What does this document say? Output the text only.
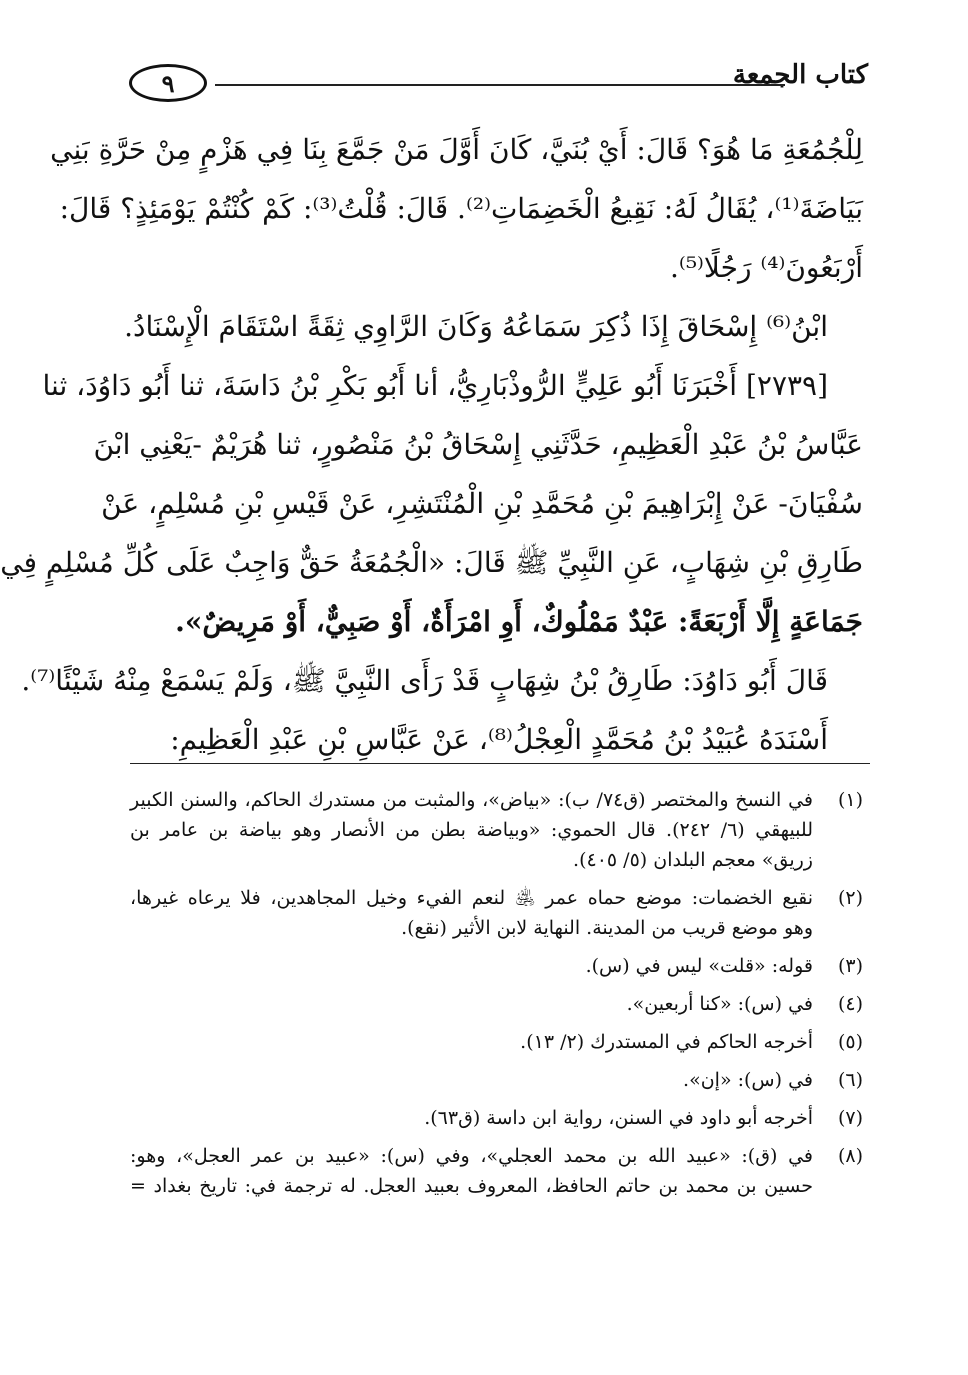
كتاب الجمعة
٩
لِلْجُمُعَةِ مَا هُوَ؟ قَالَ: أَيْ بُنَيَّ، كَانَ أَوَّلَ مَنْ جَمَّعَ بِنَا فِي هَزْمٍ مِنْ حَرَّةِ بَنِي
بَيَاضَةَ⁽¹⁾، يُقَالُ لَهُ: نَقِيعُ الْخَضِمَاتِ⁽²⁾. قَالَ: قُلْتُ⁽³⁾: كَمْ كُنْتُمْ يَوْمَئِذٍ؟ قَالَ:
أَرْبَعُونَ⁽⁴⁾ رَجُلًا⁽⁵⁾.
ابْنُ⁽⁶⁾ إِسْحَاقَ إِذَا ذُكِرَ سَمَاعُهُ وَكَانَ الرَّاوِي ثِقَةً اسْتَقَامَ الْإِسْنَادُ.
[٢٧٣٩] أَخْبَرَنَا أَبُو عَلِيٍّ الرُّوذْبَارِيُّ، أنا أَبُو بَكْرِ بْنُ دَاسَةَ، ثنا أَبُو دَاوُدَ، ثنا
عَبَّاسُ بْنُ عَبْدِ الْعَظِيمِ، حَدَّثَنِي إِسْحَاقُ بْنُ مَنْصُورٍ، ثنا هُرَيْمٌ -يَعْنِي ابْنَ
سُفْيَانَ- عَنْ إِبْرَاهِيمَ بْنِ مُحَمَّدِ بْنِ الْمُنْتَشِرِ، عَنْ قَيْسِ بْنِ مُسْلِمٍ، عَنْ
طَارِقِ بْنِ شِهَابٍ، عَنِ النَّبِيِّ ﷺ قَالَ: «الْجُمُعَةُ حَقٌّ وَاجِبٌ عَلَى كُلِّ مُسْلِمٍ فِي
جَمَاعَةٍ إِلَّا أَرْبَعَةً: عَبْدٌ مَمْلُوكٌ، أَوِ امْرَأَةٌ، أَوْ صَبِيٌّ، أَوْ مَرِيضٌ».
قَالَ أَبُو دَاوُدَ: طَارِقُ بْنُ شِهَابٍ قَدْ رَأَى النَّبِيَّ ﷺ، وَلَمْ يَسْمَعْ مِنْهُ شَيْئًا⁽⁷⁾.
أَسْنَدَهُ عُبَيْدُ بْنُ مُحَمَّدٍ الْعِجْلُ⁽⁸⁾، عَنْ عَبَّاسِ بْنِ عَبْدِ الْعَظِيمِ:
(١)
في النسخ والمختصر (ق٧٤/ ب): «بياض»، والمثبت من مستدرك الحاكم، والسنن الكبير
للبيهقي (٦/ ٢٤٢). قال الحموي: «وبياضة بطن من الأنصار وهو بياضة بن عامر بن
زريق» معجم البلدان (٥/ ٤٠٥).
(٢)
نقيع الخضمات: موضع حماه عمر ﵁ لنعم الفيء وخيل المجاهدين، فلا يرعاه غيرها،
وهو موضع قريب من المدينة. النهاية لابن الأثير (نقع).
(٣)
قوله: «قلت» ليس في (س).
(٤)
في (س): «كنا أربعين».
(٥)
أخرجه الحاكم في المستدرك (٢/ ١٣).
(٦)
في (س): «إن».
(٧)
أخرجه أبو داود في السنن، رواية ابن داسة (ق٦٣).
(٨)
في (ق): «عبيد الله بن محمد العجلي»، وفي (س): «عبيد بن عمر العجل»، وهو:
حسين بن محمد بن حاتم الحافظ، المعروف بعبيد العجل. له ترجمة في: تاريخ بغداد =
